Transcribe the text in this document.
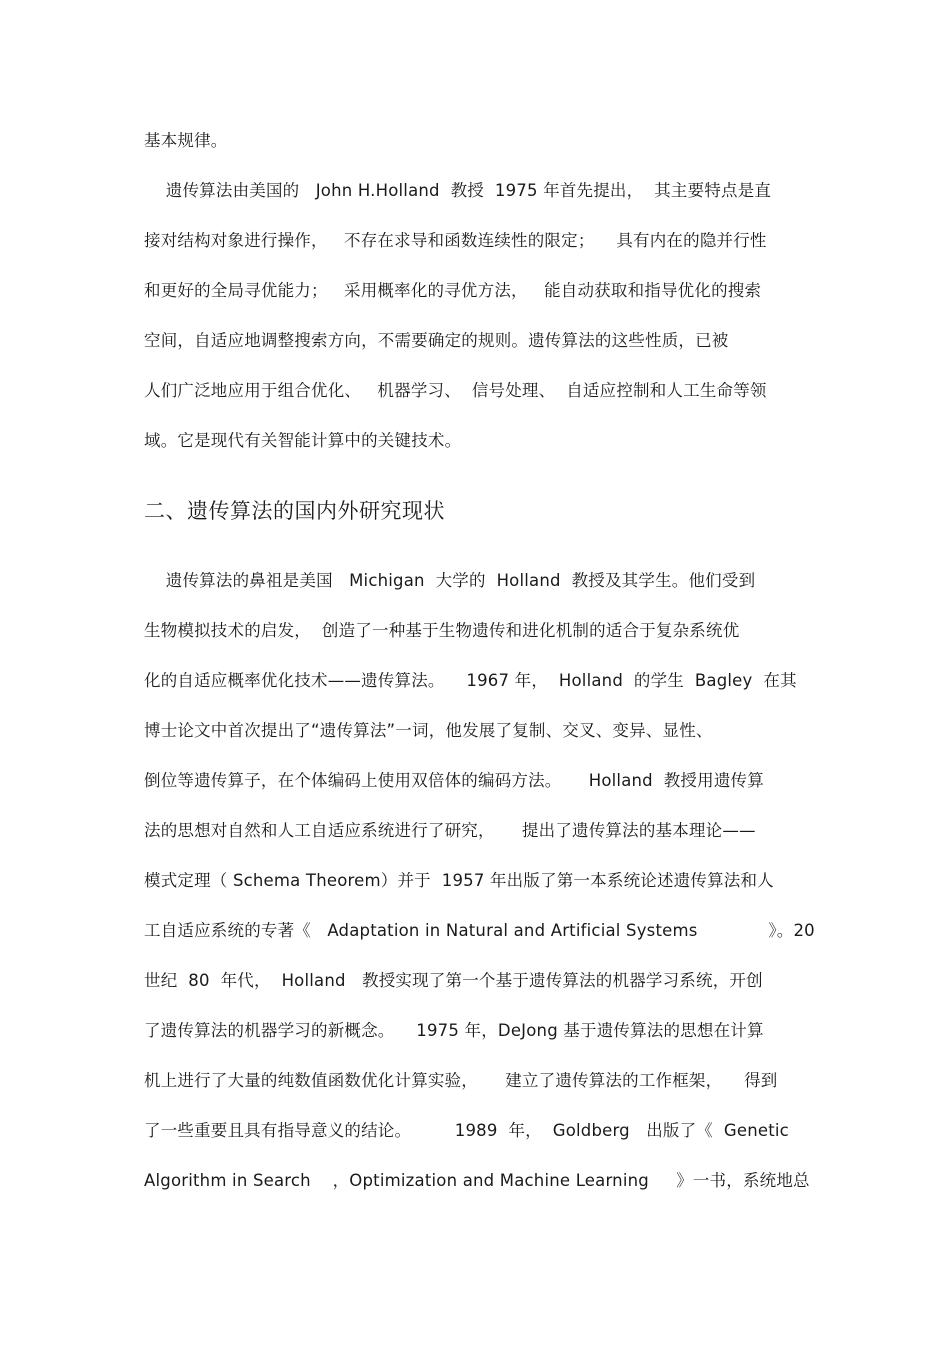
基本规律。
遗传算法由美国的   John H.Holland  教授  1975 年首先提出，  其主要特点是直
接对结构对象进行操作，   不存在求导和函数连续性的限定；    具有内在的隐并行性
和更好的全局寻优能力；   采用概率化的寻优方法，   能自动获取和指导优化的搜索
空间，自适应地调整搜索方向，不需要确定的规则。遗传算法的这些性质，已被
人们广泛地应用于组合优化、   机器学习、  信号处理、  自适应控制和人工生命等领
域。它是现代有关智能计算中的关键技术。
二、遗传算法的国内外研究现状
遗传算法的鼻祖是美国   Michigan  大学的  Holland  教授及其学生。他们受到
生物模拟技术的启发，  创造了一种基于生物遗传和进化机制的适合于复杂系统优
化的自适应概率优化技术——遗传算法。    1967 年，  Holland  的学生  Bagley  在其
博士论文中首次提出了“遗传算法”一词，他发展了复制、交叉、变异、显性、
倒位等遗传算子，在个体编码上使用双倍体的编码方法。     Holland  教授用遗传算
法的思想对自然和人工自适应系统进行了研究，     提出了遗传算法的基本理论——
模式定理（ Schema Theorem）并于  1957 年出版了第一本系统论述遗传算法和人
工自适应系统的专著《   Adaptation in Natural and Artificial Systems             》。20
世纪  80  年代，  Holland   教授实现了第一个基于遗传算法的机器学习系统，开创
了遗传算法的机器学习的新概念。    1975 年，DeJong 基于遗传算法的思想在计算
机上进行了大量的纯数值函数优化计算实验，     建立了遗传算法的工作框架，    得到
了一些重要且具有指导意义的结论。        1989  年，  Goldberg   出版了《  Genetic
Algorithm in Search    ，Optimization and Machine Learning     》一书，系统地总
